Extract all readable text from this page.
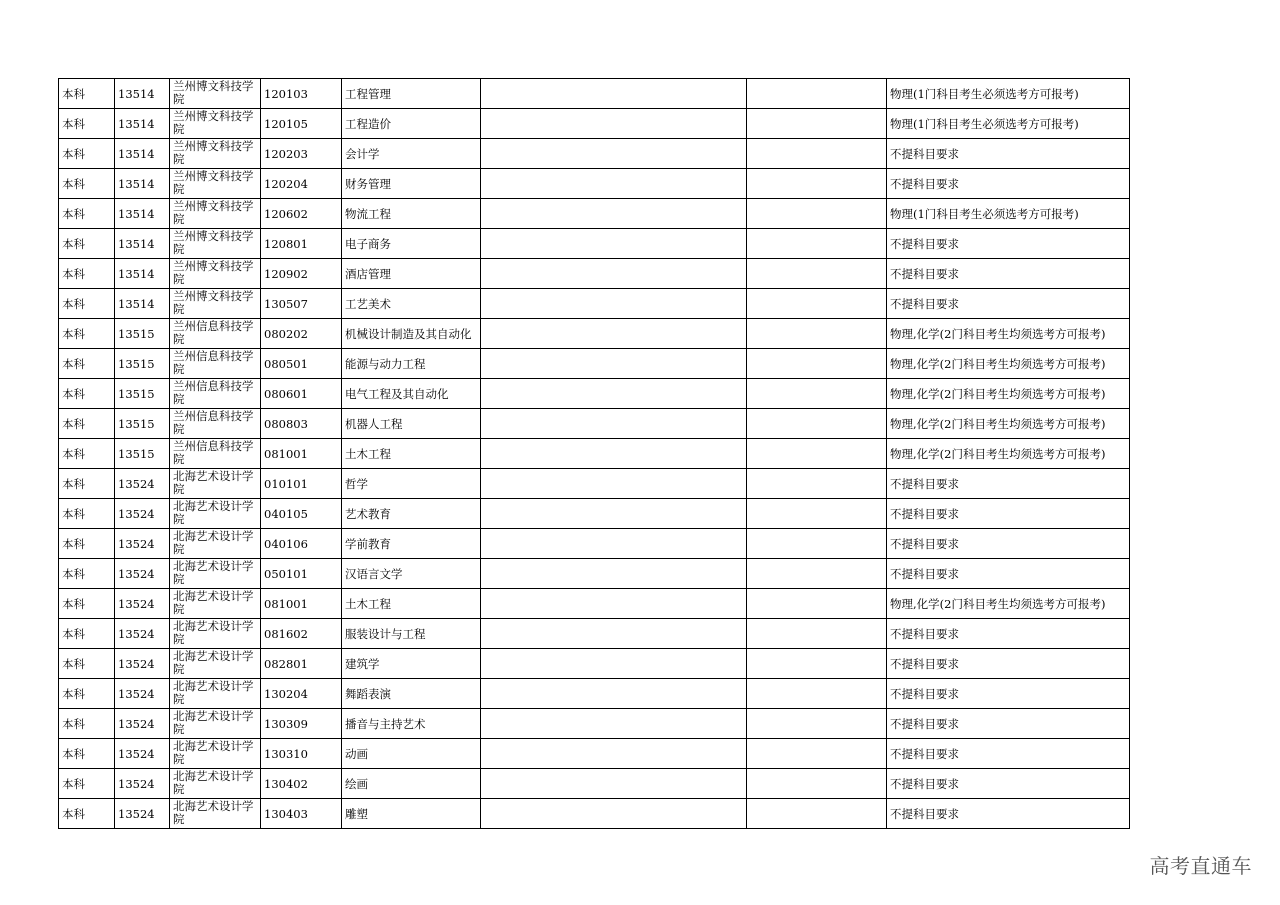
本科	13514	兰州博文科技学院	120103	工程管理			物理(1门科目考生必须选考方可报考)
本科	13514	兰州博文科技学院	120105	工程造价			物理(1门科目考生必须选考方可报考)
本科	13514	兰州博文科技学院	120203	会计学			不提科目要求
本科	13514	兰州博文科技学院	120204	财务管理			不提科目要求
本科	13514	兰州博文科技学院	120602	物流工程			物理(1门科目考生必须选考方可报考)
本科	13514	兰州博文科技学院	120801	电子商务			不提科目要求
本科	13514	兰州博文科技学院	120902	酒店管理			不提科目要求
本科	13514	兰州博文科技学院	130507	工艺美术			不提科目要求
本科	13515	兰州信息科技学院	080202	机械设计制造及其自动化			物理,化学(2门科目考生均须选考方可报考)
本科	13515	兰州信息科技学院	080501	能源与动力工程			物理,化学(2门科目考生均须选考方可报考)
本科	13515	兰州信息科技学院	080601	电气工程及其自动化			物理,化学(2门科目考生均须选考方可报考)
本科	13515	兰州信息科技学院	080803	机器人工程			物理,化学(2门科目考生均须选考方可报考)
本科	13515	兰州信息科技学院	081001	土木工程			物理,化学(2门科目考生均须选考方可报考)
本科	13524	北海艺术设计学院	010101	哲学			不提科目要求
本科	13524	北海艺术设计学院	040105	艺术教育			不提科目要求
本科	13524	北海艺术设计学院	040106	学前教育			不提科目要求
本科	13524	北海艺术设计学院	050101	汉语言文学			不提科目要求
本科	13524	北海艺术设计学院	081001	土木工程			物理,化学(2门科目考生均须选考方可报考)
本科	13524	北海艺术设计学院	081602	服装设计与工程			不提科目要求
本科	13524	北海艺术设计学院	082801	建筑学			不提科目要求
本科	13524	北海艺术设计学院	130204	舞蹈表演			不提科目要求
本科	13524	北海艺术设计学院	130309	播音与主持艺术			不提科目要求
本科	13524	北海艺术设计学院	130310	动画			不提科目要求
本科	13524	北海艺术设计学院	130402	绘画			不提科目要求
本科	13524	北海艺术设计学院	130403	雕塑			不提科目要求
高考直通车
